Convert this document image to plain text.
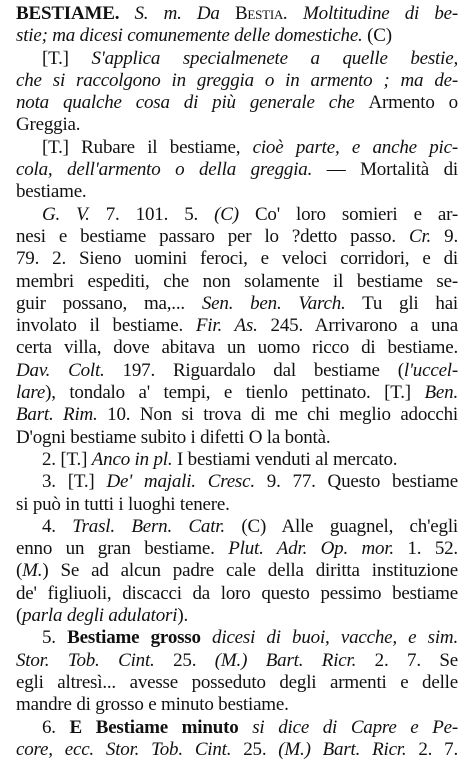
BESTIAME. S. m. Da Bestia. Moltitudine di be-
stie; ma dicesi comunemente delle domestiche. (C)
[T.] S'applica specialmenete a quelle bestie,
che si raccolgono in greggia o in armento ; ma de-
nota qualche cosa di più generale che Armento o
Greggia.
[T.] Rubare il bestiame, cioè parte, e anche pic-
cola, dell'armento o della greggia. — Mortalità di
bestiame.
G. V. 7. 101. 5. (C) Co' loro somieri e ar-
nesi e bestiame passaro per lo ?detto passo. Cr. 9.
79. 2. Sieno uomini feroci, e veloci corridori, e di
membri espediti, che non solamente il bestiame se-
guir possano, ma,... Sen. ben. Varch. Tu gli hai
involato il bestiame. Fir. As. 245. Arrivarono a una
certa villa, dove abitava un uomo ricco di bestiame.
Dav. Colt. 197. Riguardalo dal bestiame (l'uccel-
lare), tondalo a' tempi, e tienlo pettinato. [T.] Ben.
Bart. Rim. 10. Non si trova di me chi meglio adocchi
D'ogni bestiame subito i difetti O la bontà.
2. [T.] Anco in pl. I bestiami venduti al mercato.
3. [T.] De' majali. Cresc. 9. 77. Questo bestiame
si può in tutti i luoghi tenere.
4. Trasl. Bern. Catr. (C) Alle guagnel, ch'egli
enno un gran bestiame. Plut. Adr. Op. mor. 1. 52.
(M.) Se ad alcun padre cale della diritta instituzione
de' figliuoli, discacci da loro questo pessimo bestiame
(parla degli adulatori).
5. Bestiame grosso dicesi di buoi, vacche, e sim.
Stor. Tob. Cint. 25. (M.) Bart. Ricr. 2. 7. Se
egli altresì... avesse posseduto degli armenti e delle
mandre di grosso e minuto bestiame.
6. E Bestiame minuto si dice di Capre e Pe-
core, ecc. Stor. Tob. Cint. 25. (M.) Bart. Ricr. 2. 7.
